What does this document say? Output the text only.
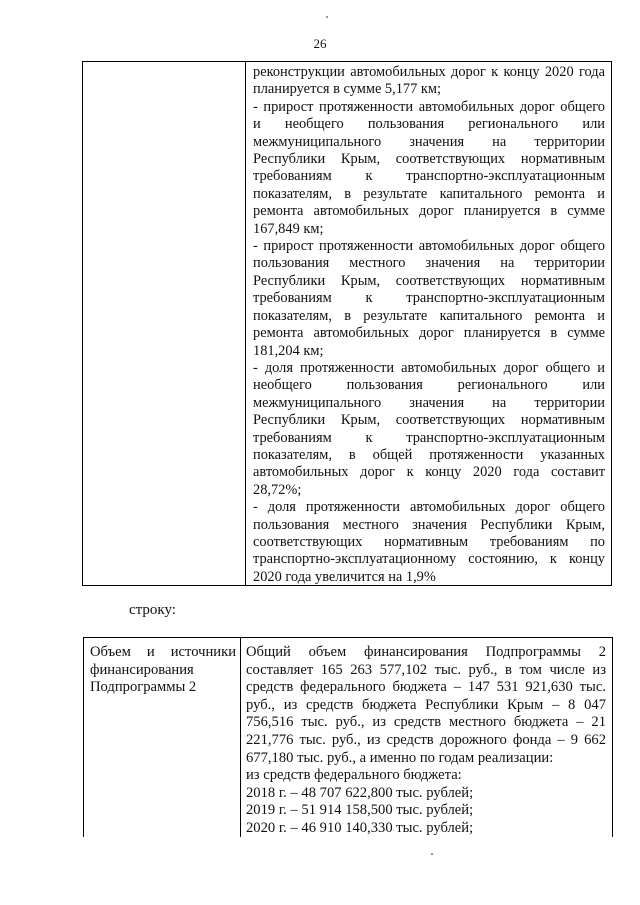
26

реконструкции автомобильных дорог к концу 2020 года планируется в сумме 5,177 км;

- прирост протяженности автомобильных дорог общего и необщего пользования регионального или межмуниципального значения на территории Республики Крым, соответствующих нормативным требованиям к транспортно-эксплуатационным показателям, в результате капитального ремонта и ремонта автомобильных дорог планируется в сумме 167,849 км;

- прирост протяженности автомобильных дорог общего пользования местного значения на территории Республики Крым, соответствующих нормативным требованиям к транспортно-эксплуатационным показателям, в результате капитального ремонта и ремонта автомобильных дорог планируется в сумме 181,204 км;

- доля протяженности автомобильных дорог общего и необщего пользования регионального или межмуниципального значения на территории Республики Крым, соответствующих нормативным требованиям к транспортно-эксплуатационным показателям, в общей протяженности указанных автомобильных дорог к концу 2020 года составит 28,72%;

- доля протяженности автомобильных дорог общего пользования местного значения Республики Крым, соответствующих нормативным требованиям по транспортно-эксплуатационному состоянию, к концу 2020 года увеличится на 1,9%

строку:
Объем и источники финансирования Подпрограммы 2

Общий объем финансирования Подпрограммы 2 составляет 165 263 577,102 тыс. руб., в том числе из средств федерального бюджета – 147 531 921,630 тыс. руб., из средств бюджета Республики Крым – 8 047 756,516 тыс. руб., из средств местного бюджета – 21 221,776 тыс. руб., из средств дорожного фонда – 9 662 677,180 тыс. руб., а именно по годам реализации:

из средств федерального бюджета:

2018 г. – 48 707 622,800 тыс. рублей;

2019 г. – 51 914 158,500 тыс. рублей;

2020 г. – 46 910 140,330 тыс. рублей;
